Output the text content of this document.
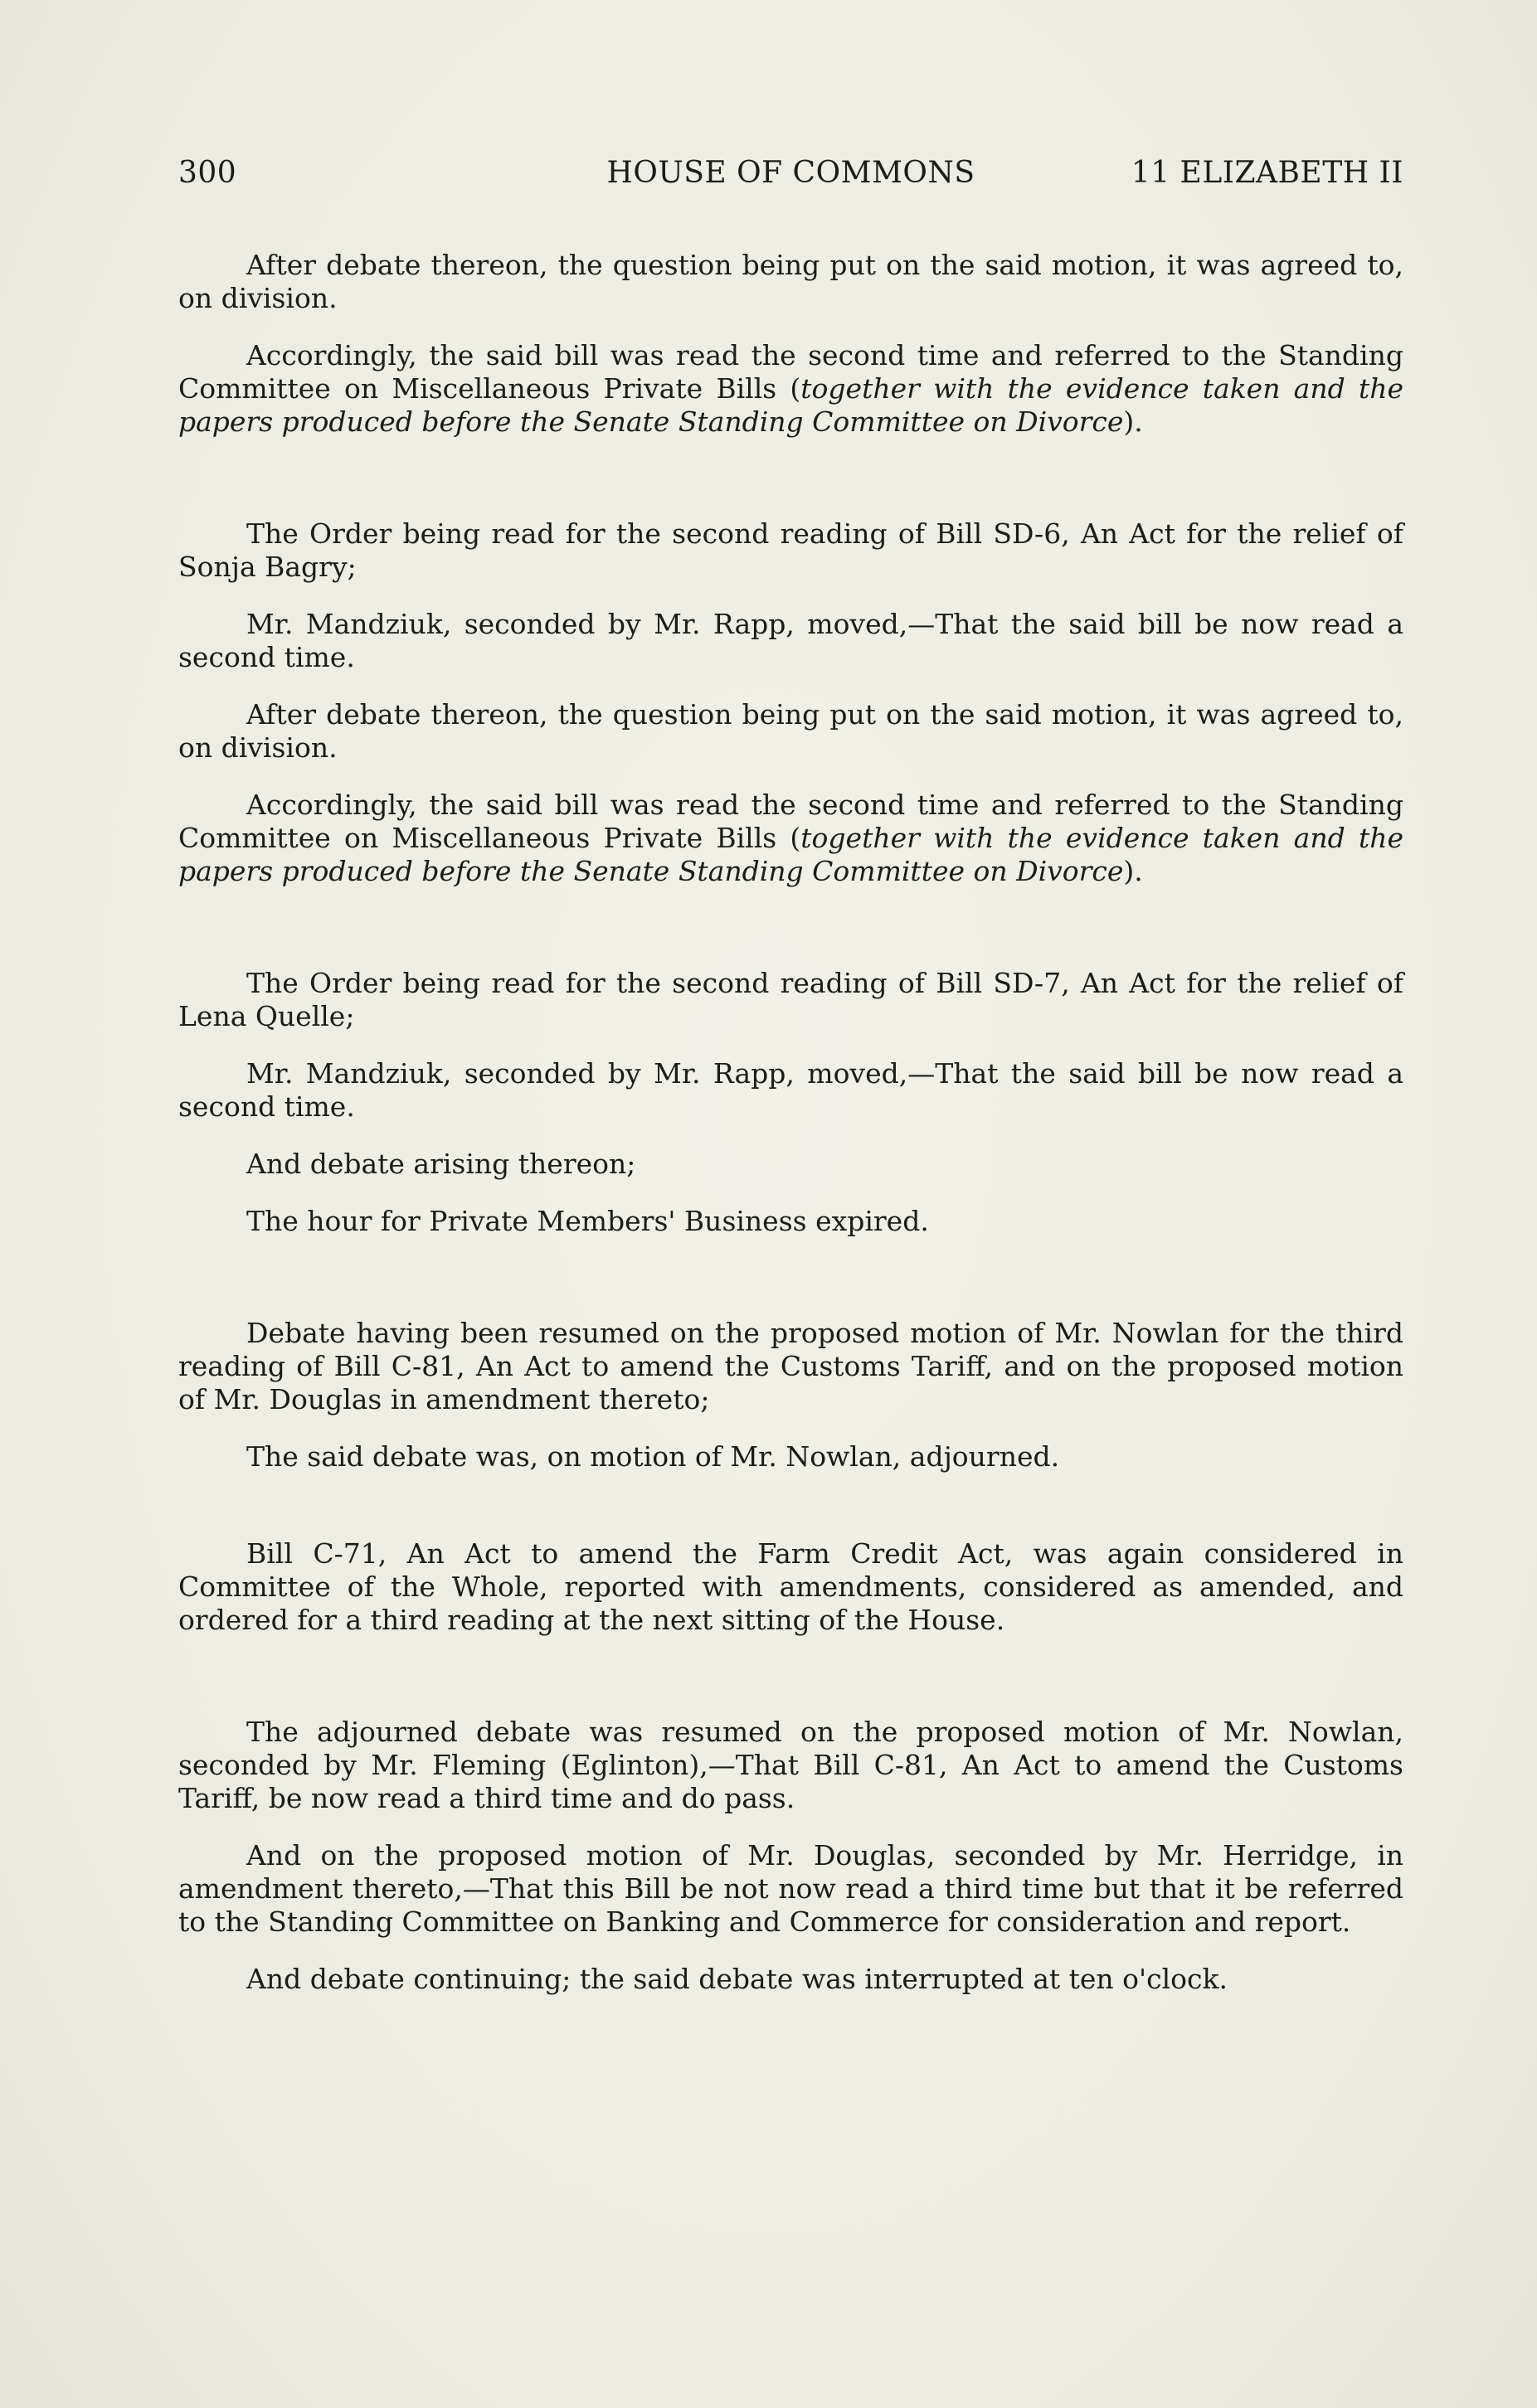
300	HOUSE OF COMMONS	11 ELIZABETH II

After debate thereon, the question being put on the said motion, it was agreed to, on division.

Accordingly, the said bill was read the second time and referred to the Standing Committee on Miscellaneous Private Bills (together with the evidence taken and the papers produced before the Senate Standing Committee on Divorce).

The Order being read for the second reading of Bill SD-6, An Act for the relief of Sonja Bagry;

Mr. Mandziuk, seconded by Mr. Rapp, moved,—That the said bill be now read a second time.

After debate thereon, the question being put on the said motion, it was agreed to, on division.

Accordingly, the said bill was read the second time and referred to the Standing Committee on Miscellaneous Private Bills (together with the evidence taken and the papers produced before the Senate Standing Committee on Divorce).

The Order being read for the second reading of Bill SD-7, An Act for the relief of Lena Quelle;

Mr. Mandziuk, seconded by Mr. Rapp, moved,—That the said bill be now read a second time.

And debate arising thereon;

The hour for Private Members' Business expired.

Debate having been resumed on the proposed motion of Mr. Nowlan for the third reading of Bill C-81, An Act to amend the Customs Tariff, and on the proposed motion of Mr. Douglas in amendment thereto;

The said debate was, on motion of Mr. Nowlan, adjourned.

Bill C-71, An Act to amend the Farm Credit Act, was again considered in Committee of the Whole, reported with amendments, considered as amended, and ordered for a third reading at the next sitting of the House.

The adjourned debate was resumed on the proposed motion of Mr. Nowlan, seconded by Mr. Fleming (Eglinton),—That Bill C-81, An Act to amend the Customs Tariff, be now read a third time and do pass.

And on the proposed motion of Mr. Douglas, seconded by Mr. Herridge, in amendment thereto,—That this Bill be not now read a third time but that it be referred to the Standing Committee on Banking and Commerce for consideration and report.

And debate continuing; the said debate was interrupted at ten o'clock.
